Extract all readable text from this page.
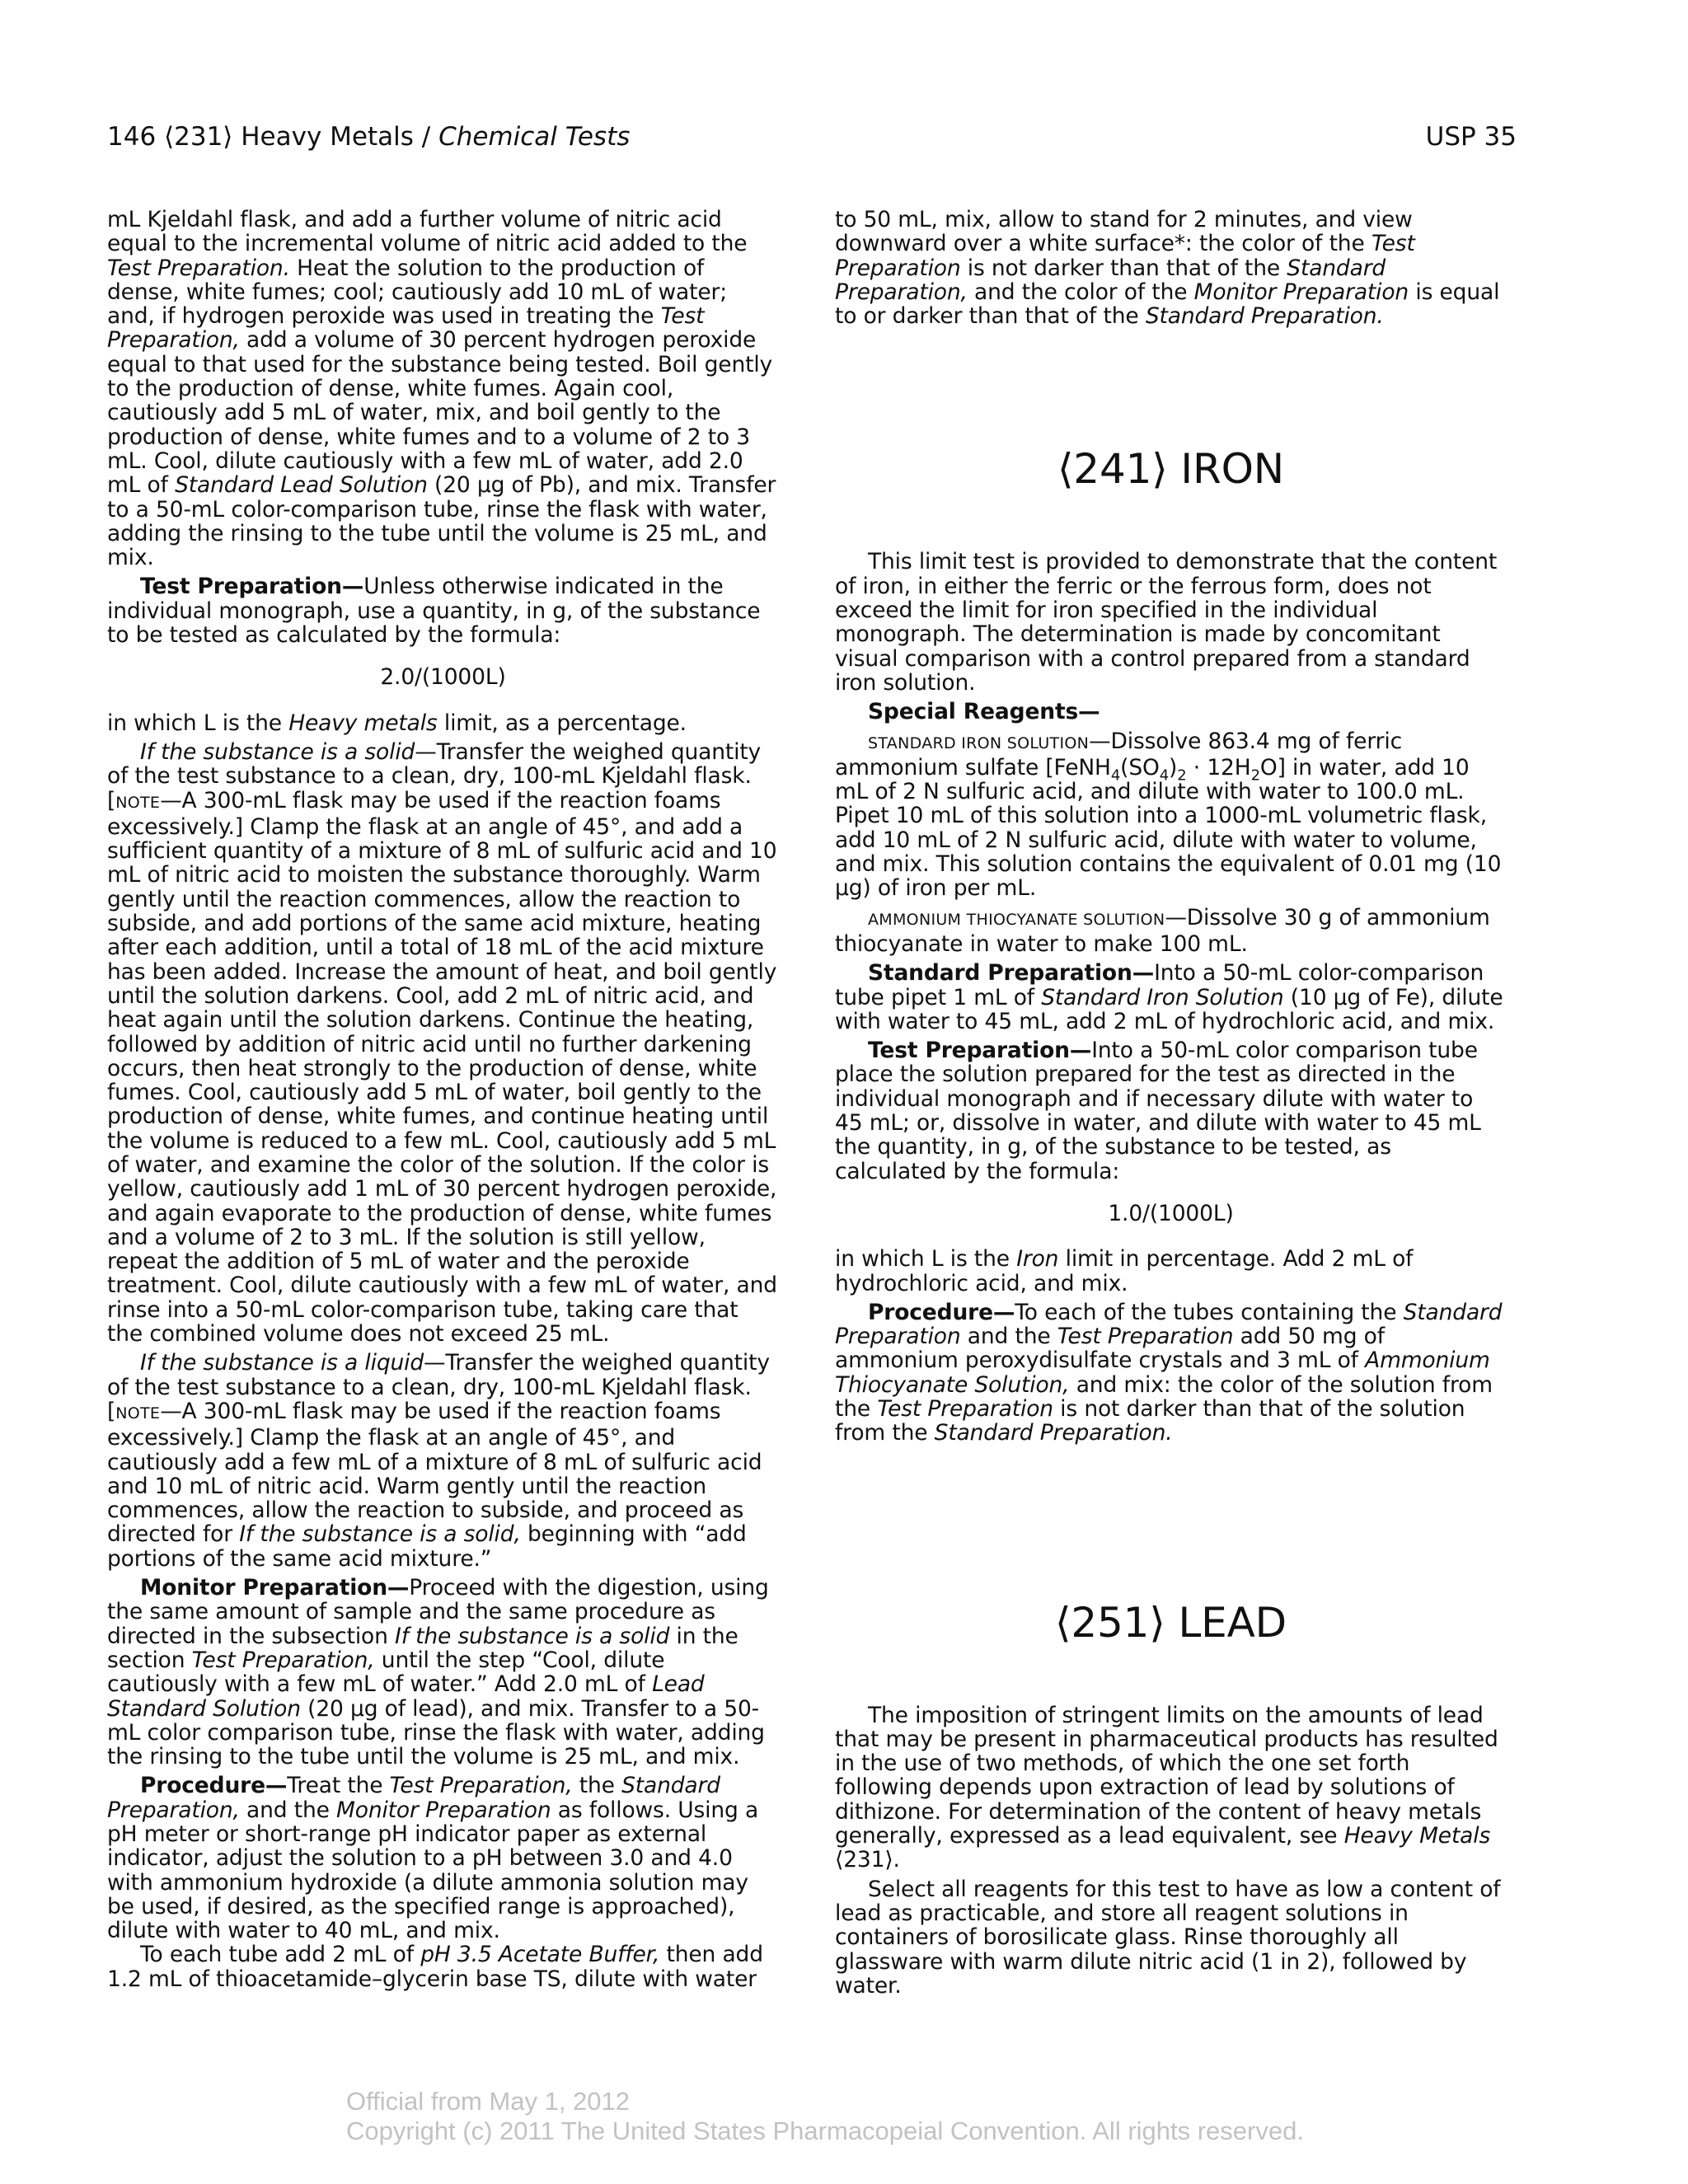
146 ⟨231⟩ Heavy Metals / Chemical Tests	USP 35

mL Kjeldahl flask, and add a further volume of nitric acid equal to the incremental volume of nitric acid added to the Test Preparation. Heat the solution to the production of dense, white fumes; cool; cautiously add 10 mL of water; and, if hydrogen peroxide was used in treating the Test Preparation, add a volume of 30 percent hydrogen peroxide equal to that used for the substance being tested. Boil gently to the production of dense, white fumes. Again cool, cautiously add 5 mL of water, mix, and boil gently to the production of dense, white fumes and to a volume of 2 to 3 mL. Cool, dilute cautiously with a few mL of water, add 2.0 mL of Standard Lead Solution (20 µg of Pb), and mix. Transfer to a 50-mL color-comparison tube, rinse the flask with water, adding the rinsing to the tube until the volume is 25 mL, and mix.

Test Preparation—Unless otherwise indicated in the individual monograph, use a quantity, in g, of the substance to be tested as calculated by the formula:

2.0/(1000L)

in which L is the Heavy metals limit, as a percentage.

If the substance is a solid—Transfer the weighed quantity of the test substance to a clean, dry, 100-mL Kjeldahl flask. [NOTE—A 300-mL flask may be used if the reaction foams excessively.] Clamp the flask at an angle of 45°, and add a sufficient quantity of a mixture of 8 mL of sulfuric acid and 10 mL of nitric acid to moisten the substance thoroughly. Warm gently until the reaction commences, allow the reaction to subside, and add portions of the same acid mixture, heating after each addition, until a total of 18 mL of the acid mixture has been added. Increase the amount of heat, and boil gently until the solution darkens. Cool, add 2 mL of nitric acid, and heat again until the solution darkens. Continue the heating, followed by addition of nitric acid until no further darkening occurs, then heat strongly to the production of dense, white fumes. Cool, cautiously add 5 mL of water, boil gently to the production of dense, white fumes, and continue heating until the volume is reduced to a few mL. Cool, cautiously add 5 mL of water, and examine the color of the solution. If the color is yellow, cautiously add 1 mL of 30 percent hydrogen peroxide, and again evaporate to the production of dense, white fumes and a volume of 2 to 3 mL. If the solution is still yellow, repeat the addition of 5 mL of water and the peroxide treatment. Cool, dilute cautiously with a few mL of water, and rinse into a 50-mL color-comparison tube, taking care that the combined volume does not exceed 25 mL.

If the substance is a liquid—Transfer the weighed quantity of the test substance to a clean, dry, 100-mL Kjeldahl flask. [NOTE—A 300-mL flask may be used if the reaction foams excessively.] Clamp the flask at an angle of 45°, and cautiously add a few mL of a mixture of 8 mL of sulfuric acid and 10 mL of nitric acid. Warm gently until the reaction commences, allow the reaction to subside, and proceed as directed for If the substance is a solid, beginning with “add portions of the same acid mixture.”

Monitor Preparation—Proceed with the digestion, using the same amount of sample and the same procedure as directed in the subsection If the substance is a solid in the section Test Preparation, until the step “Cool, dilute cautiously with a few mL of water.” Add 2.0 mL of Lead Standard Solution (20 µg of lead), and mix. Transfer to a 50-mL color comparison tube, rinse the flask with water, adding the rinsing to the tube until the volume is 25 mL, and mix.

Procedure—Treat the Test Preparation, the Standard Preparation, and the Monitor Preparation as follows. Using a pH meter or short-range pH indicator paper as external indicator, adjust the solution to a pH between 3.0 and 4.0 with ammonium hydroxide (a dilute ammonia solution may be used, if desired, as the specified range is approached), dilute with water to 40 mL, and mix.

To each tube add 2 mL of pH 3.5 Acetate Buffer, then add 1.2 mL of thioacetamide–glycerin base TS, dilute with water

to 50 mL, mix, allow to stand for 2 minutes, and view downward over a white surface*: the color of the Test Preparation is not darker than that of the Standard Preparation, and the color of the Monitor Preparation is equal to or darker than that of the Standard Preparation.

⟨241⟩ IRON

This limit test is provided to demonstrate that the content of iron, in either the ferric or the ferrous form, does not exceed the limit for iron specified in the individual monograph. The determination is made by concomitant visual comparison with a control prepared from a standard iron solution.

Special Reagents—

STANDARD IRON SOLUTION—Dissolve 863.4 mg of ferric ammonium sulfate $[FeNH_4(SO_4)_2 \cdot 12H_2O]$ in water, add 10 mL of 2 N sulfuric acid, and dilute with water to 100.0 mL. Pipet 10 mL of this solution into a 1000-mL volumetric flask, add 10 mL of 2 N sulfuric acid, dilute with water to volume, and mix. This solution contains the equivalent of 0.01 mg (10 µg) of iron per mL.

AMMONIUM THIOCYANATE SOLUTION—Dissolve 30 g of ammonium thiocyanate in water to make 100 mL.

Standard Preparation—Into a 50-mL color-comparison tube pipet 1 mL of Standard Iron Solution (10 µg of Fe), dilute with water to 45 mL, add 2 mL of hydrochloric acid, and mix.

Test Preparation—Into a 50-mL color comparison tube place the solution prepared for the test as directed in the individual monograph and if necessary dilute with water to 45 mL; or, dissolve in water, and dilute with water to 45 mL the quantity, in g, of the substance to be tested, as calculated by the formula:

1.0/(1000L)

in which L is the Iron limit in percentage. Add 2 mL of hydrochloric acid, and mix.

Procedure—To each of the tubes containing the Standard Preparation and the Test Preparation add 50 mg of ammonium peroxydisulfate crystals and 3 mL of Ammonium Thiocyanate Solution, and mix: the color of the solution from the Test Preparation is not darker than that of the solution from the Standard Preparation.

⟨251⟩ LEAD

The imposition of stringent limits on the amounts of lead that may be present in pharmaceutical products has resulted in the use of two methods, of which the one set forth following depends upon extraction of lead by solutions of dithizone. For determination of the content of heavy metals generally, expressed as a lead equivalent, see Heavy Metals ⟨231⟩.

Select all reagents for this test to have as low a content of lead as practicable, and store all reagent solutions in containers of borosilicate glass. Rinse thoroughly all glassware with warm dilute nitric acid (1 in 2), followed by water.

Official from May 1, 2012
Copyright (c) 2011 The United States Pharmacopeial Convention. All rights reserved.
